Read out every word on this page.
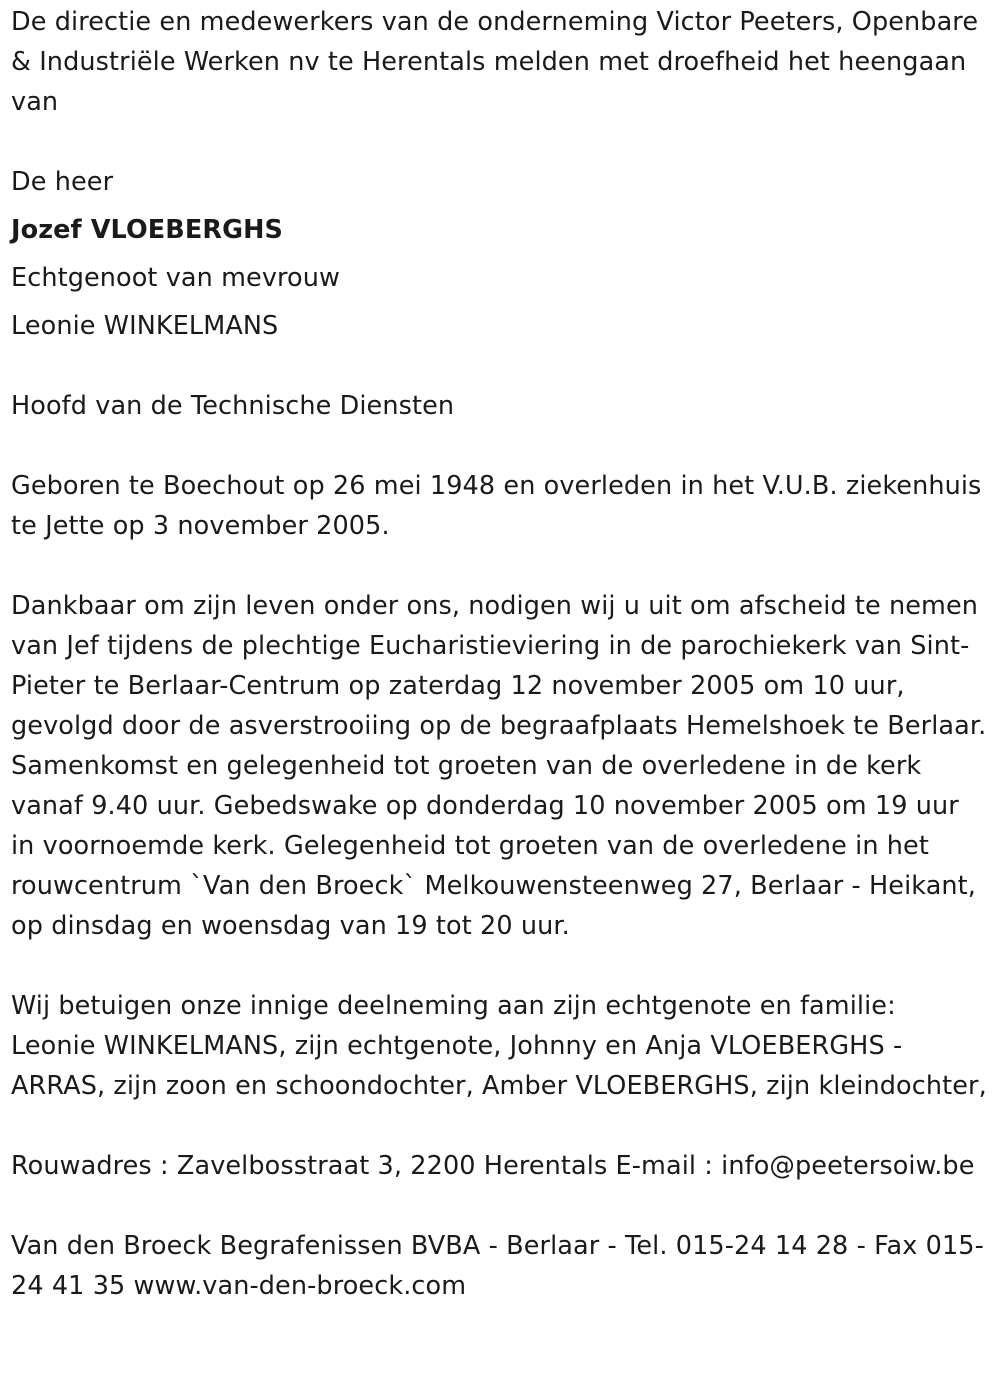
De directie en medewerkers van de onderneming Victor Peeters, Openbare & Industriële Werken nv te Herentals melden met droefheid het heengaan van

De heer

Jozef VLOEBERGHS

Echtgenoot van mevrouw

Leonie WINKELMANS

Hoofd van de Technische Diensten

Geboren te Boechout op 26 mei 1948 en overleden in het V.U.B. ziekenhuis te Jette op 3 november 2005.

Dankbaar om zijn leven onder ons, nodigen wij u uit om afscheid te nemen van Jef tijdens de plechtige Eucharistieviering in de parochiekerk van Sint-Pieter te Berlaar-Centrum op zaterdag 12 november 2005 om 10 uur, gevolgd door de asverstrooiing op de begraafplaats Hemelshoek te Berlaar. Samenkomst en gelegenheid tot groeten van de overledene in de kerk vanaf 9.40 uur. Gebedswake op donderdag 10 november 2005 om 19 uur in voornoemde kerk. Gelegenheid tot groeten van de overledene in het rouwcentrum `Van den Broeck` Melkouwensteenweg 27, Berlaar - Heikant, op dinsdag en woensdag van 19 tot 20 uur.

Wij betuigen onze innige deelneming aan zijn echtgenote en familie: Leonie WINKELMANS, zijn echtgenote, Johnny en Anja VLOEBERGHS - ARRAS, zijn zoon en schoondochter, Amber VLOEBERGHS, zijn kleindochter,

Rouwadres : Zavelbosstraat 3, 2200 Herentals E-mail : info@peetersoiw.be

Van den Broeck Begrafenissen BVBA - Berlaar - Tel. 015-24 14 28 - Fax 015-24 41 35 www.van-den-broeck.com
